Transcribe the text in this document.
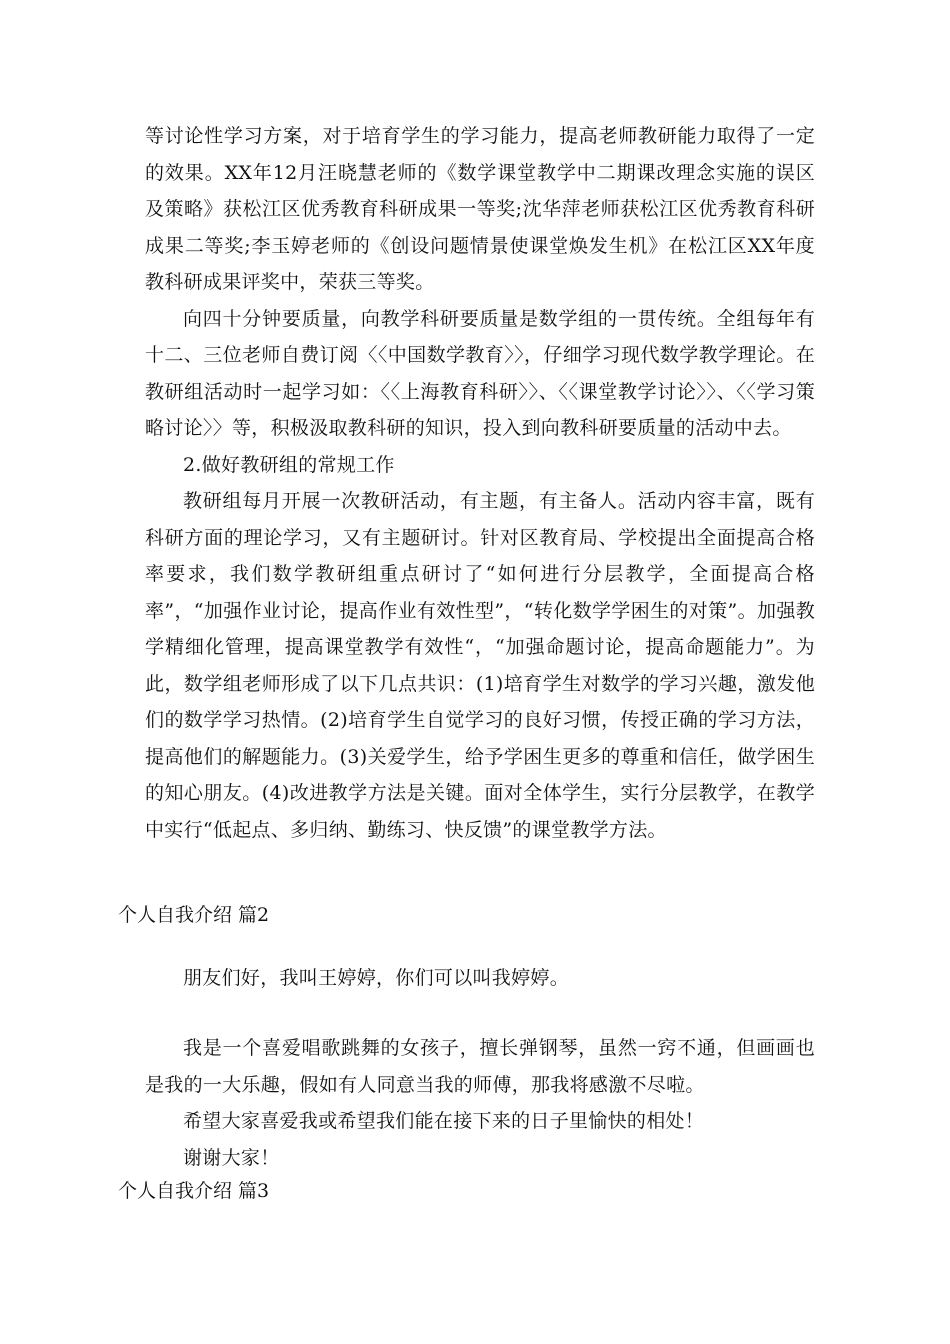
等讨论性学习方案，对于培育学生的学习能力，提高老师教研能力取得了一定的效果。XX年12月汪晓慧老师的《数学课堂教学中二期课改理念实施的误区及策略》获松江区优秀教育科研成果一等奖;沈华萍老师获松江区优秀教育科研成果二等奖;李玉婷老师的《创设问题情景使课堂焕发生机》在松江区XX年度教科研成果评奖中，荣获三等奖。

向四十分钟要质量，向教学科研要质量是数学组的一贯传统。全组每年有十二、三位老师自费订阅〈〈中国数学教育〉〉，仔细学习现代数学教学理论。在教研组活动时一起学习如：〈〈上海教育科研〉〉、〈〈课堂教学讨论〉〉、〈〈学习策略讨论〉〉等，积极汲取教科研的知识，投入到向教科研要质量的活动中去。

2.做好教研组的常规工作

教研组每月开展一次教研活动，有主题，有主备人。活动内容丰富，既有科研方面的理论学习，又有主题研讨。针对区教育局、学校提出全面提高合格率要求，我们数学教研组重点研讨了“如何进行分层教学，全面提高合格率”，“加强作业讨论，提高作业有效性型”，“转化数学学困生的对策”。加强教学精细化管理，提高课堂教学有效性“，“加强命题讨论，提高命题能力”。为此，数学组老师形成了以下几点共识：(1)培育学生对数学的学习兴趣，激发他们的数学学习热情。(2)培育学生自觉学习的良好习惯，传授正确的学习方法，提高他们的解题能力。(3)关爱学生，给予学困生更多的尊重和信任，做学困生的知心朋友。(4)改进教学方法是关键。面对全体学生，实行分层教学，在教学中实行“低起点、多归纳、勤练习、快反馈”的课堂教学方法。

个人自我介绍 篇2

朋友们好，我叫王婷婷，你们可以叫我婷婷。

我是一个喜爱唱歌跳舞的女孩子，擅长弹钢琴，虽然一窍不通，但画画也是我的一大乐趣，假如有人同意当我的师傅，那我将感激不尽啦。

希望大家喜爱我或希望我们能在接下来的日子里愉快的相处！

谢谢大家！

个人自我介绍 篇3
